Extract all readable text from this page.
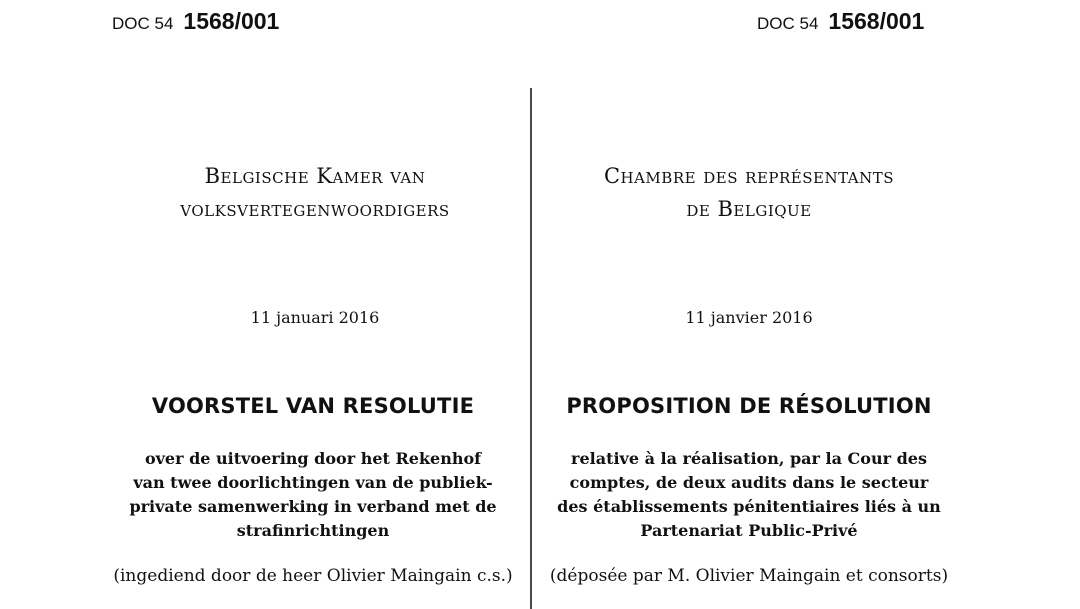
DOC 54 1568/001
Belgische Kamer van
volksvertegenwoordigers
11 januari 2016
VOORSTEL VAN RESOLUTIE
over de uitvoering door het Rekenhof
van twee doorlichtingen van de publiek-
private samenwerking in verband met de
strafinrichtingen
(ingediend door de heer Olivier Maingain c.s.)
DOC 54 1568/001
Chambre des représentants
de Belgique
11 janvier 2016
PROPOSITION DE RÉSOLUTION
relative à la réalisation, par la Cour des
comptes, de deux audits dans le secteur
des établissements pénitentiaires liés à un
Partenariat Public-Privé
(déposée par M. Olivier Maingain et consorts)
